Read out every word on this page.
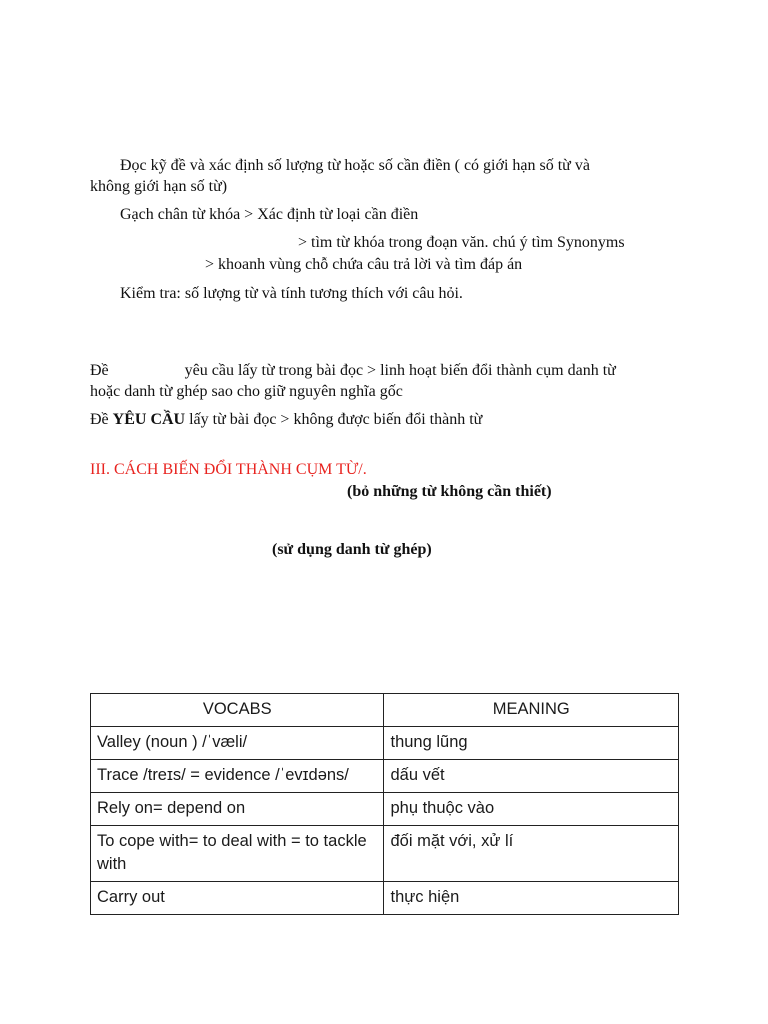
Đọc kỹ đề và xác định số lượng từ hoặc số cần điền ( có giới hạn số từ và
không giới hạn số từ)
Gạch chân từ khóa > Xác định từ loại cần điền
> tìm từ khóa trong đoạn văn. chú ý tìm Synonyms
> khoanh vùng chỗ chứa câu trả lời và tìm đáp án
Kiểm tra: số lượng từ và tính tương thích với câu hỏi.
Đề	yêu cầu lấy từ trong bài đọc > linh hoạt biến đổi thành cụm danh từ
hoặc danh từ ghép sao cho giữ nguyên nghĩa gốc
Đề YÊU CẦU lấy từ bài đọc > không được biến đổi thành từ
III. CÁCH BIẾN ĐỔI THÀNH CỤM TỪ/.
(bỏ những từ không cần thiết)
(sử dụng danh từ ghép)
VOCABS	MEANING
Valley (noun ) /ˈvæli/	thung lũng
Trace /treɪs/ = evidence /ˈevɪdəns/	dấu vết
Rely on= depend on	phụ thuộc vào
To cope with= to deal with = to tackle with	đối mặt với, xử lí
Carry out	thực hiện
